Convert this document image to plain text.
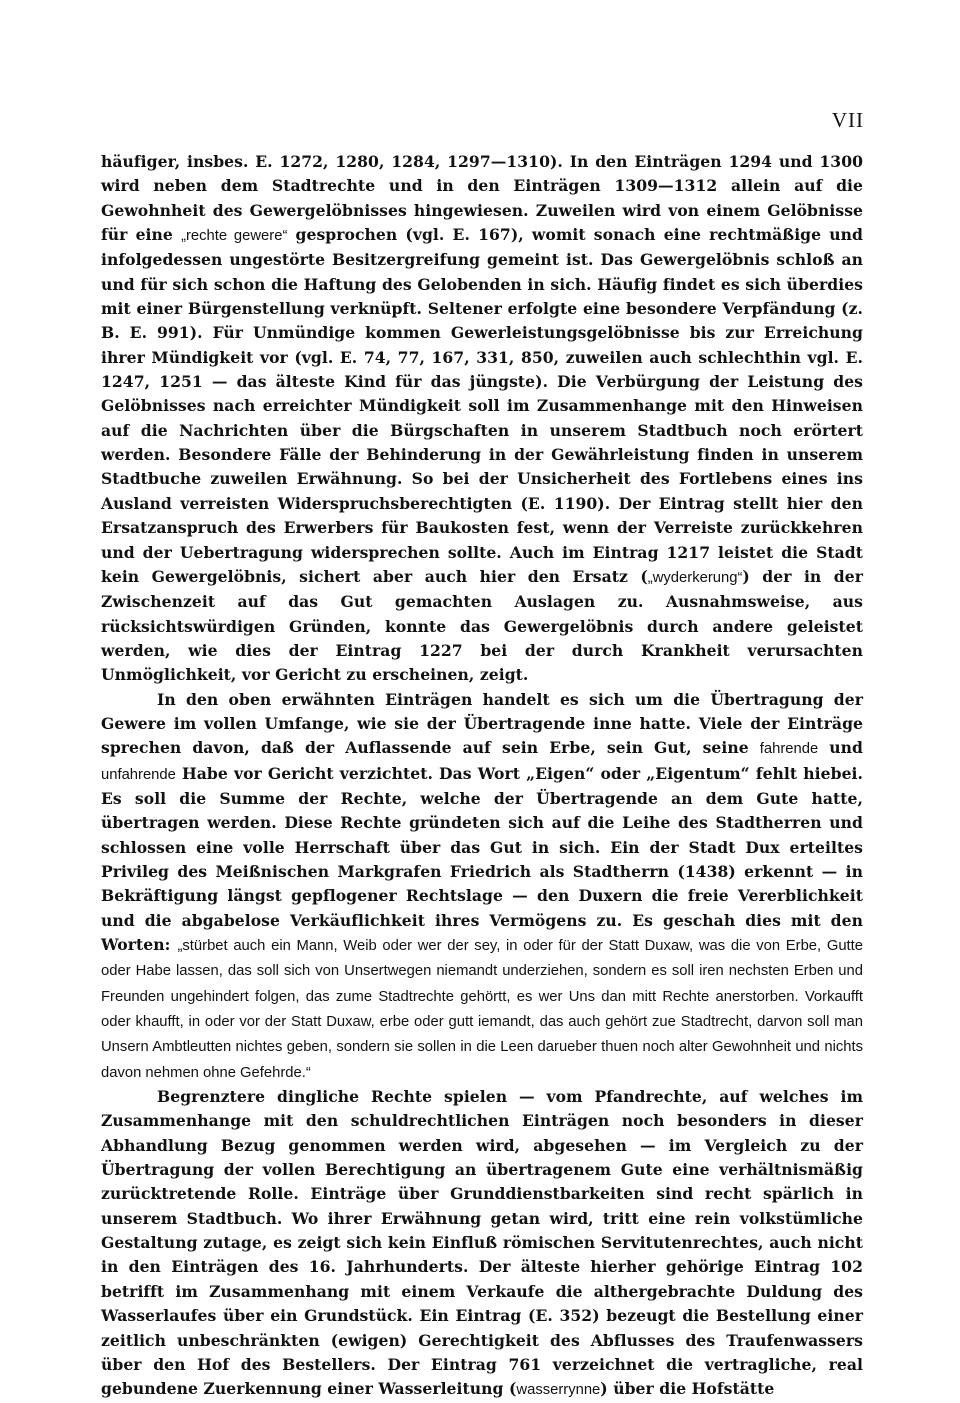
VII

häufiger, insbes. E. 1272, 1280, 1284, 1297—1310). In den Einträgen 1294 und 1300 wird neben dem Stadtrechte und in den Einträgen 1309—1312 allein auf die Gewohnheit des Gewergelöbnisses hingewiesen. Zuweilen wird von einem Gelöbnisse für eine „rechte gewere“ gesprochen (vgl. E. 167), womit sonach eine rechtmäßige und infolgedessen ungestörte Besitzergreifung gemeint ist. Das Gewergelöbnis schloß an und für sich schon die Haftung des Gelobenden in sich. Häufig findet es sich überdies mit einer Bürgenstellung verknüpft. Seltener erfolgte eine besondere Verpfändung (z. B. E. 991). Für Unmündige kommen Gewerleistungsgelöbnisse bis zur Erreichung ihrer Mündigkeit vor (vgl. E. 74, 77, 167, 331, 850, zuweilen auch schlechthin vgl. E. 1247, 1251 — das älteste Kind für das jüngste). Die Verbürgung der Leistung des Gelöbnisses nach erreichter Mündigkeit soll im Zusammenhange mit den Hinweisen auf die Nachrichten über die Bürgschaften in unserem Stadtbuch noch erörtert werden. Besondere Fälle der Behinderung in der Gewährleistung finden in unserem Stadtbuche zuweilen Erwähnung. So bei der Unsicherheit des Fortlebens eines ins Ausland verreisten Widerspruchsberechtigten (E. 1190). Der Eintrag stellt hier den Ersatzanspruch des Erwerbers für Baukosten fest, wenn der Verreiste zurückkehren und der Uebertragung widersprechen sollte. Auch im Eintrag 1217 leistet die Stadt kein Gewergelöbnis, sichert aber auch hier den Ersatz („wyderkerung“) der in der Zwischenzeit auf das Gut gemachten Auslagen zu. Ausnahmsweise, aus rücksichtswürdigen Gründen, konnte das Gewergelöbnis durch andere geleistet werden, wie dies der Eintrag 1227 bei der durch Krankheit verursachten Unmöglichkeit, vor Gericht zu erscheinen, zeigt.

In den oben erwähnten Einträgen handelt es sich um die Übertragung der Gewere im vollen Umfange, wie sie der Übertragende inne hatte. Viele der Einträge sprechen davon, daß der Auflassende auf sein Erbe, sein Gut, seine fahrende und unfahrende Habe vor Gericht verzichtet. Das Wort „Eigen“ oder „Eigentum“ fehlt hiebei. Es soll die Summe der Rechte, welche der Übertragende an dem Gute hatte, übertragen werden. Diese Rechte gründeten sich auf die Leihe des Stadtherren und schlossen eine volle Herrschaft über das Gut in sich. Ein der Stadt Dux erteiltes Privileg des Meißnischen Markgrafen Friedrich als Stadtherrn (1438) erkennt — in Bekräftigung längst gepflogener Rechtslage — den Duxern die freie Vererblichkeit und die abgabelose Verkäuflichkeit ihres Vermögens zu. Es geschah dies mit den Worten: „stürbet auch ein Mann, Weib oder wer der sey, in oder für der Statt Duxaw, was die von Erbe, Gutte oder Habe lassen, das soll sich von Unsertwegen niemandt underziehen, sondern es soll iren nechsten Erben und Freunden ungehindert folgen, das zume Stadtrechte gehörtt, es wer Uns dan mitt Rechte anerstorben. Vorkaufft oder khaufft, in oder vor der Statt Duxaw, erbe oder gutt iemandt, das auch gehört zue Stadtrecht, darvon soll man Unsern Ambtleutten nichtes geben, sondern sie sollen in die Leen darueber thuen noch alter Gewohnheit und nichts davon nehmen ohne Gefehrde.“

Begrenztere dingliche Rechte spielen — vom Pfandrechte, auf welches im Zusammenhange mit den schuldrechtlichen Einträgen noch besonders in dieser Abhandlung Bezug genommen werden wird, abgesehen — im Vergleich zu der Übertragung der vollen Berechtigung an übertragenem Gute eine verhältnismäßig zurücktretende Rolle. Einträge über Grunddienstbarkeiten sind recht spärlich in unserem Stadtbuch. Wo ihrer Erwähnung getan wird, tritt eine rein volkstümliche Gestaltung zutage, es zeigt sich kein Einfluß römischen Servitutenrechtes, auch nicht in den Einträgen des 16. Jahrhunderts. Der älteste hierher gehörige Eintrag 102 betrifft im Zusammenhang mit einem Verkaufe die althergebrachte Duldung des Wasserlaufes über ein Grundstück. Ein Eintrag (E. 352) bezeugt die Bestellung einer zeitlich unbeschränkten (ewigen) Gerechtigkeit des Abflusses des Traufenwassers über den Hof des Bestellers. Der Eintrag 761 verzeichnet die vertragliche, real gebundene Zuerkennung einer Wasserleitung (wasserrynne) über die Hofstätte
